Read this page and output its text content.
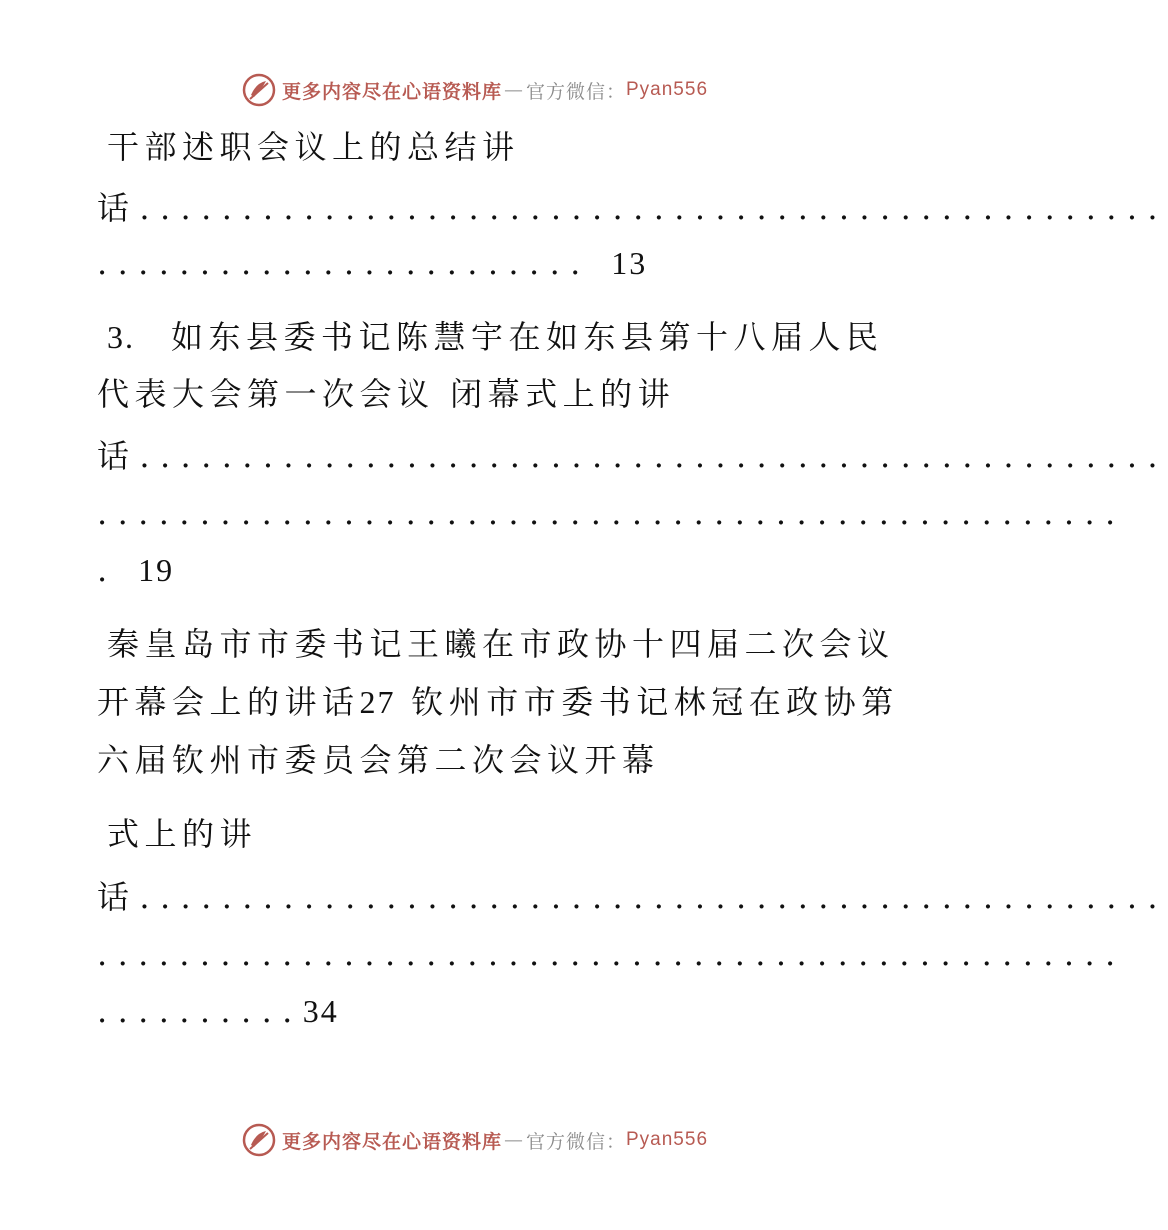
更多内容尽在心语资料库 — 官方微信： Pyan556
干部述职会议上的总结讲
话..................................................
........................ 13
3. 如东县委书记陈慧宇在如东县第十八届人民
代表大会第一次会议 闭幕式上的讲
话..................................................
..................................................
. 19
秦皇岛市市委书记王曦在市政协十四届二次会议
开幕会上的讲话27 钦州市市委书记林冠在政协第
六届钦州市委员会第二次会议开幕
式上的讲
话..................................................
..................................................
..........34
更多内容尽在心语资料库 — 官方微信： Pyan556
